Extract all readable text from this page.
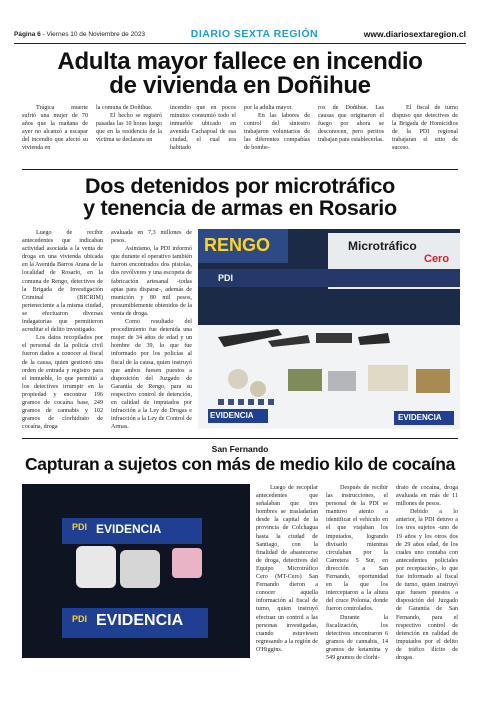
Página 6 - Viernes 10 de Noviembre de 2023	DIARIO SEXTA REGIÓN	www.diariosextaregion.cl
Adulta mayor fallece en incendio
de vivienda en Doñihue

Trágica muerte sufrió una mujer de 70 años que la mañana de ayer no alcanzó a escapar del incendio que afectó su vivienda en

la comuna de Doñihue.

El hecho se registró pasadas las 10 horas luego que en la residencia de la víctima se declarara un

incendio que en pocos minutos consumió todo el inmueble ubicado en avenida Cachapoal de esa ciudad, el cual era habitado

por la adulta mayor.

En las labores de control del siniestro trabajaron voluntarios de las diferentes compañías de bombe-

ros de Doñihue. Las causas que originaron el fuego por ahora se desconocen, pero peritos trabajan para establecerlas.

El fiscal de turno dispuso que detectives de la Brigada de Homicidios de la PDI regional trabajaran el sitio de suceso.

Dos detenidos por microtráfico
y tenencia de armas en Rosario

Luego de recibir antecedentes que indicaban actividad asociada a la venta de droga en una vivienda ubicada en la Avenida Barros Arana de la localidad de Rosario, en la comuna de Rengo, detectives de la Brigada de Investigación Criminal (BICRIM) perteneciente a la misma ciudad, se efectuaron diversas indagatorias que permitieron acreditar el delito investigado.

Los datos recopilados por el personal de la policía civil fueron dados a conocer al fiscal de la causa, quien gestionó una orden de entrada y registro para el inmueble, lo que permitió a los detectives irrumpir en la propiedad y encontrar 196 gramos de cocaína base, 249 gramos de cannabis y 102 gramos de clorhidrato de cocaína, droga

avaluada en 7,3 millones de pesos.

Asimismo, la PDI informó que durante el operativo también fueron encontrados dos pistolas, dos revólveres y una escopeta de fabricación artesanal -todas aptas para disparar-, además de munición y 80 mil pesos, presumiblemente obtenidos de la venta de droga.

Como resultado del procedimiento fue detenida una mujer de 34 años de edad y un hombre de 39, lo que fue informado por los policías al fiscal de la causa, quien instruyó que ambos fuesen puestos a disposición del Juzgado de Garantía de Rengo, para su respectivo control de detención, en calidad de imputados por infracción a la Ley de Drogas e infracción a la Ley de Control de Armas.

RENGO	Microtráfico
Cero
PDI
EVIDENCIA	EVIDENCIA
San Fernando
Capturan a sujetos con más de medio kilo de cocaína
PDI EVIDENCIA
PDI EVIDENCIA

Luego de recopilar antecedentes que señalaban que tres hombres se trasladarían desde la capital de la provincia de Colchagua hasta la ciudad de Santiago, con la finalidad de abastecerse de droga, detectives del Equipo Microtráfico Cero (MT-Cero) San Fernando dieron a conocer aquella información al fiscal de turno, quien instruyó efectuar un control a las personas investigadas, cuando estuviesen regresando a la región de O'Higgins.

Después de recibir las instrucciones, el personal de la PDI se mantuvo atento a identificar el vehículo en el que viajaban los imputados, lograndо divisarlo mientras circulaban por la Carretera 5 Sur, en dirección a San Fernando, oportunidad en la que los interceptaron a la altura del cruce Polonia, donde fueron controlados.

Durante la fiscalización, los detectives encontraron 6 gramos de cannabis, 14 gramos de ketamina y 549 gramos de clorhi-

drato de cocaína, droga avaluada en más de 11 millones de pesos.

Debido a lo anterior, la PDI detuvo a los tres sujetos -uno de 19 años y los otros dos de 29 años edad, de los cuales uno contaba con antecedentes policiales por receptación-, lo que fue informado al fiscal de turno, quien instruyó que fuesen puestos a disposición del Juzgado de Garantía de San Fernando, para el respectivo control de detención en calidad de imputados por el delito de tráfico ilícito de drogas.
